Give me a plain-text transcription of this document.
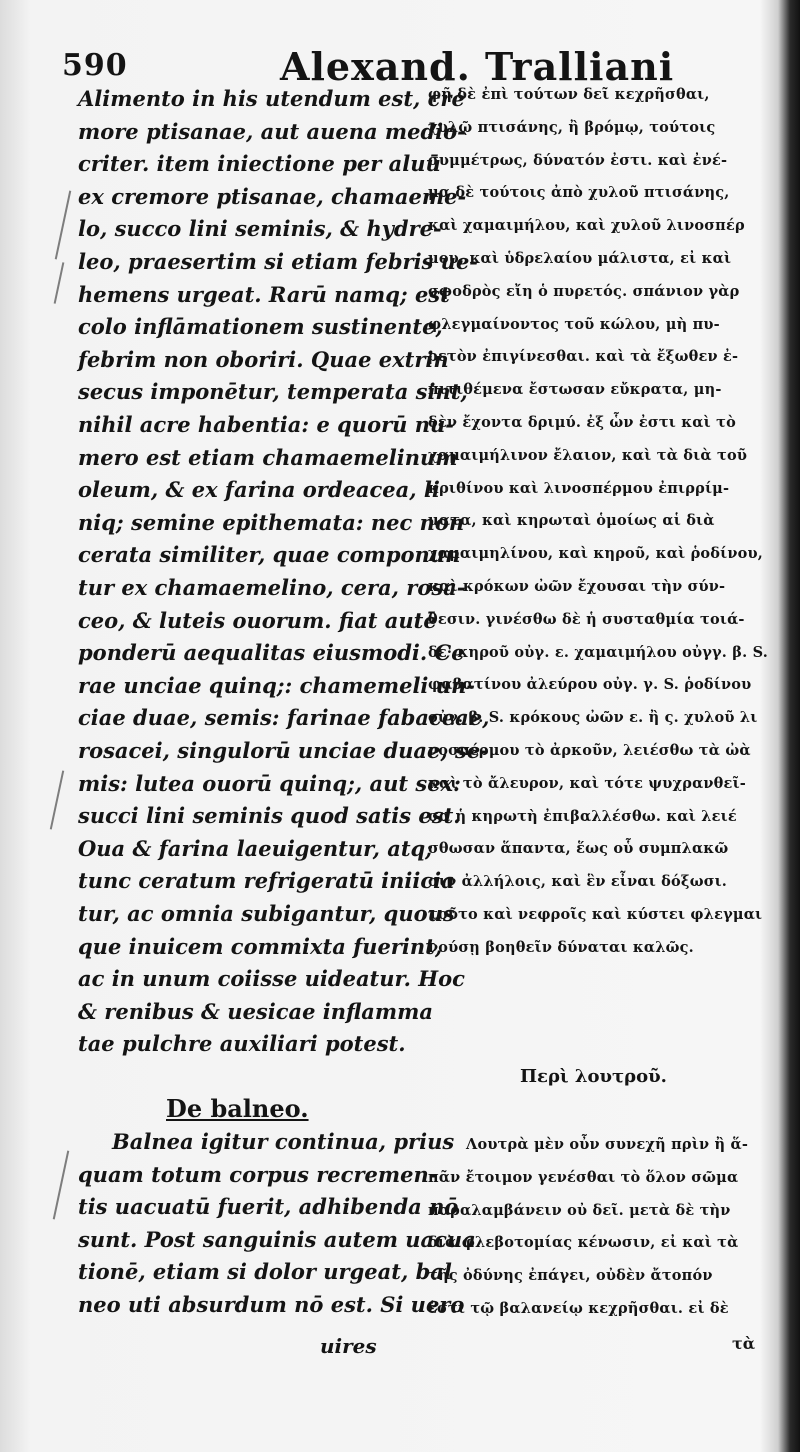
590	Alexand. Tralliani
Alimento in his utendum est, cre
more ptisanae, aut auena medio-
criter. item iniectione per aluū
ex cremore ptisanae, chamaeme-
lo, succo lini seminis, & hydre-
leo, praesertim si etiam febris ue-
hemens urgeat. Rarū namq; est
colo inflāmationem sustinente,
febrim non oboriri. Quae extrin
secus imponētur, temperata sint,
nihil acre habentia: e quorū nu-
mero est etiam chamaemelinum
oleum, & ex farina ordeacea, li
niq; semine epithemata: nec non
cerata similiter, quae componun
tur ex chamaemelino, cera, rosa-
ceo, & luteis ouorum. fiat autē
ponderū aequalitas eiusmodi. Ce
rae unciae quinq;: chamemeli un-
ciae duae, semis: farinae fabaceae,
rosacei, singulorū unciae duae, se-
mis: lutea ouorū quinq;, aut sex:
succi lini seminis quod satis est.
Oua & farina laeuigentur, atq;
tunc ceratum refrigeratū iniicia
tur, ac omnia subigantur, quous
que inuicem commixta fuerint,
ac in unum coiisse uideatur. Hoc
& renibus & uesicae inflamma
tae pulchre auxiliari potest.
De balneo.
Balnea igitur continua, prius
quam totum corpus recremen-
tis uacuatū fuerit, adhibenda nō
sunt. Post sanguinis autem uacua
tionē, etiam si dolor urgeat, bal
neo uti absurdum nō est. Si uero
φῇ δὲ ἐπὶ τούτων δεῖ κεχρῆσθαι,
χυλῷ πτισάνης, ἢ βρόμῳ, τούτοις
συμμέτρως, δύνατόν ἐστι. καὶ ἐνέ-
μα δὲ τούτοις ἀπὸ χυλοῦ πτισάνης,
καὶ χαμαιμήλου, καὶ χυλοῦ λινοσπέρ
μου, καὶ ὑδρελαίου μάλιστα, εἰ καὶ
σφοδρὸς εἴη ὁ πυρετός. σπάνιον γὰρ
φλεγμαίνοντος τοῦ κώλου, μὴ πυ-
ρετὸν ἐπιγίνεσθαι. καὶ τὰ ἔξωθεν ἐ-
πιτιθέμενα ἔστωσαν εὔκρατα, μη-
δὲν ἔχοντα δριμύ. ἐξ ὧν ἐστι καὶ τὸ
χαμαιμήλινον ἔλαιον, καὶ τὰ διὰ τοῦ
κριθίνου καὶ λινοσπέρμου ἐπιρρίμ-
ματα, καὶ κηρωταὶ ὁμοίως αἱ διὰ
χαμαιμηλίνου, καὶ κηροῦ, καὶ ῥοδίνου,
καὶ κρόκων ὠῶν ἔχουσαι τὴν σύν-
θεσιν. γινέσθω δὲ ἡ συσταθμία τοιά-
δε· κηροῦ οὐγ. ε. χαμαιμήλου οὐγγ. β. S.
φαβατίνου ἀλεύρου οὐγ. γ. S. ῥοδίνου
οὐγ. β. S. κρόκους ὠῶν ε. ἢ ς. χυλοῦ λι
νοσπέρμου τὸ ἀρκοῦν, λειέσθω τὰ ὠὰ
καὶ τὸ ἄλευρον, καὶ τότε ψυχρανθεῖ-
σα ἡ κηρωτὴ ἐπιβαλλέσθω. καὶ λειέ
σθωσαν ἅπαντα, ἕως οὗ συμπλακῶ
σιν ἀλλήλοις, καὶ ἓν εἶναι δόξωσι.
τοῦτο καὶ νεφροῖς καὶ κύστει φλεγμαι
νούσῃ βοηθεῖν δύναται καλῶς.
Περὶ λουτροῦ.
Λουτρὰ μὲν οὖν συνεχῆ πρὶν ἢ ἅ-
πᾶν ἔτοιμον γενέσθαι τὸ ὅλον σῶμα
παραλαμβάνειν οὐ δεῖ. μετὰ δὲ τὴν
διὰ φλεβοτομίας κένωσιν, εἰ καὶ τὰ
τῆς ὀδύνης ἐπάγει, οὐδὲν ἄτοπόν
ἐστι τῷ βαλανείῳ κεχρῆσθαι. εἰ δὲ
uires	τὰ
